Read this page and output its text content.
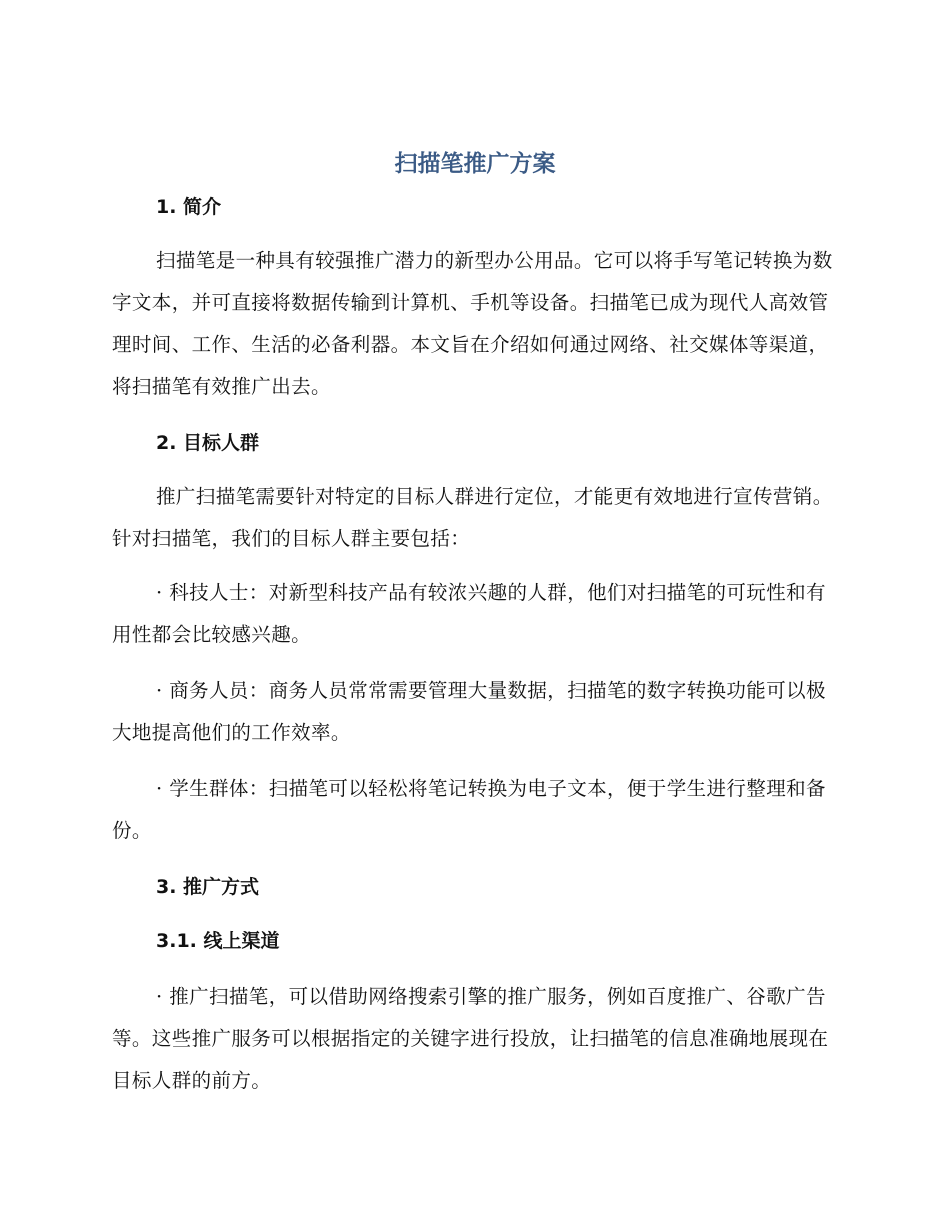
扫描笔推广方案
1. 简介

扫描笔是一种具有较强推广潜力的新型办公用品。它可以将手写笔记转换为数字文本，并可直接将数据传输到计算机、手机等设备。扫描笔已成为现代人高效管理时间、工作、生活的必备利器。本文旨在介绍如何通过网络、社交媒体等渠道，将扫描笔有效推广出去。

2. 目标人群

推广扫描笔需要针对特定的目标人群进行定位，才能更有效地进行宣传营销。针对扫描笔，我们的目标人群主要包括：

· 科技人士：对新型科技产品有较浓兴趣的人群，他们对扫描笔的可玩性和有用性都会比较感兴趣。

· 商务人员：商务人员常常需要管理大量数据，扫描笔的数字转换功能可以极大地提高他们的工作效率。

· 学生群体：扫描笔可以轻松将笔记转换为电子文本，便于学生进行整理和备份。

3. 推广方式
3.1. 线上渠道

· 推广扫描笔，可以借助网络搜索引擎的推广服务，例如百度推广、谷歌广告等。这些推广服务可以根据指定的关键字进行投放，让扫描笔的信息准确地展现在目标人群的前方。
